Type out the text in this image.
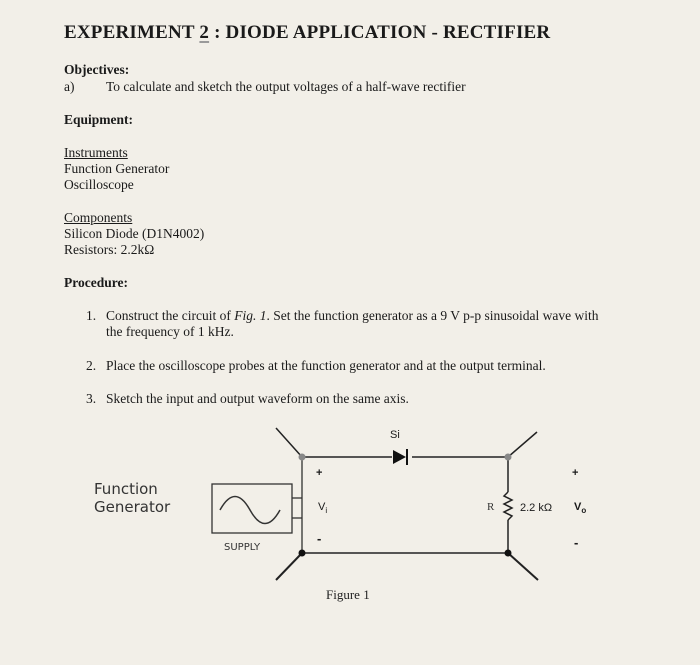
EXPERIMENT 2 : DIODE APPLICATION - RECTIFIER
Objectives:
a) To calculate and sketch the output voltages of a half-wave rectifier
Equipment:
Instruments
Function Generator
Oscilloscope
Components
Silicon Diode (D1N4002)
Resistors: 2.2kΩ
Procedure:
1. Construct the circuit of Fig. 1. Set the function generator as a 9 V p-p sinusoidal wave with
the frequency of 1 kHz.
2. Place the oscilloscope probes at the function generator and at the output terminal.
3. Sketch the input and output waveform on the same axis.
Si
+
$V_i$
-
+
2.2 kΩ $V_o$
-
R
Function
Generator
SUPPLY
Figure 1
